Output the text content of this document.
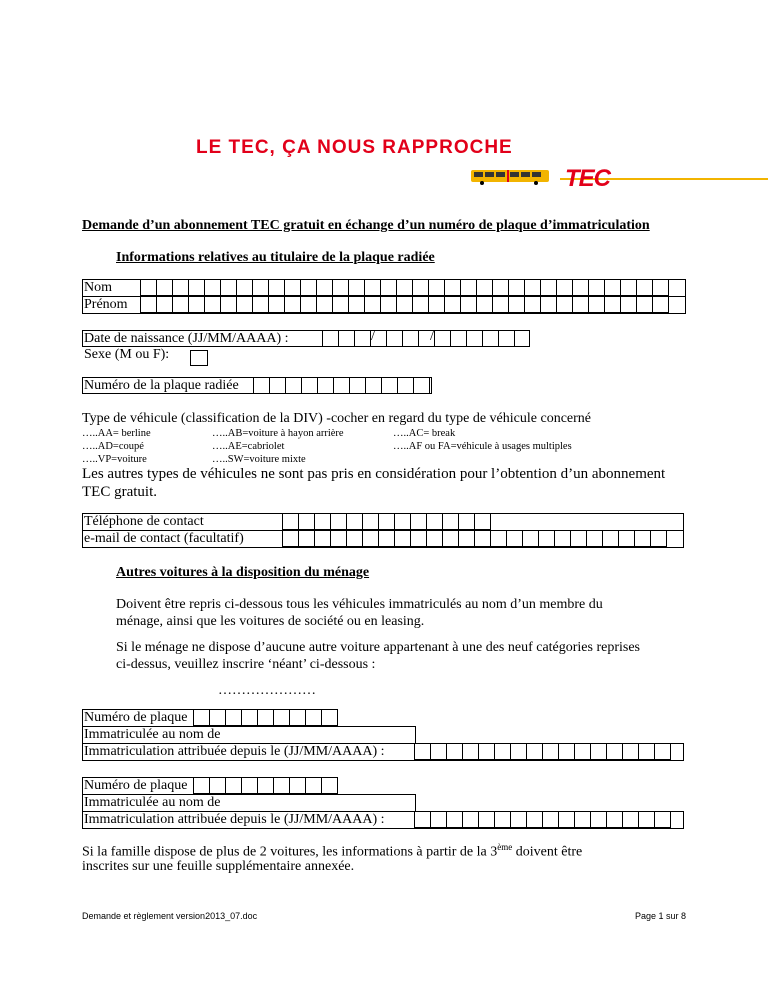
LE TEC, ÇA NOUS RAPPROCHE
TEC
Demande d’un abonnement TEC gratuit en échange d’un numéro de plaque d’immatriculation
Informations relatives au titulaire de la plaque radiée
Nom
Prénom
Date de naissance (JJ/MM/AAAA) :	/	/
Sexe (M ou F):
Numéro de la plaque radiée
Type de véhicule (classification de la DIV) -cocher en regard du type de véhicule concerné
…..AA= berline	…..AB=voiture à hayon arrière	…..AC= break
…..AD=coupé	…..AE=cabriolet	…..AF ou FA=véhicule à usages multiples
…..VP=voiture	…..SW=voiture mixte
Les autres types de véhicules ne sont pas pris en considération pour l’obtention d’un abonnement
TEC gratuit.
Téléphone de contact
e-mail de contact (facultatif)
Autres voitures à la disposition du ménage
Doivent être repris ci-dessous tous les véhicules immatriculés au nom d’un membre du
ménage, ainsi que les voitures de société ou en leasing.
Si le ménage ne dispose d’aucune autre voiture appartenant à une des neuf catégories reprises
ci-dessus, veuillez inscrire ‘néant’ ci-dessous :
…………………
Numéro de plaque
Immatriculée au nom de
Immatriculation attribuée depuis le (JJ/MM/AAAA) :
Numéro de plaque
Immatriculée au nom de
Immatriculation attribuée depuis le (JJ/MM/AAAA) :
Si la famille dispose de plus de 2 voitures, les informations à partir de la 3ème doivent être
inscrites sur une feuille supplémentaire annexée.
Demande et règlement version2013_07.doc	Page 1 sur 8
